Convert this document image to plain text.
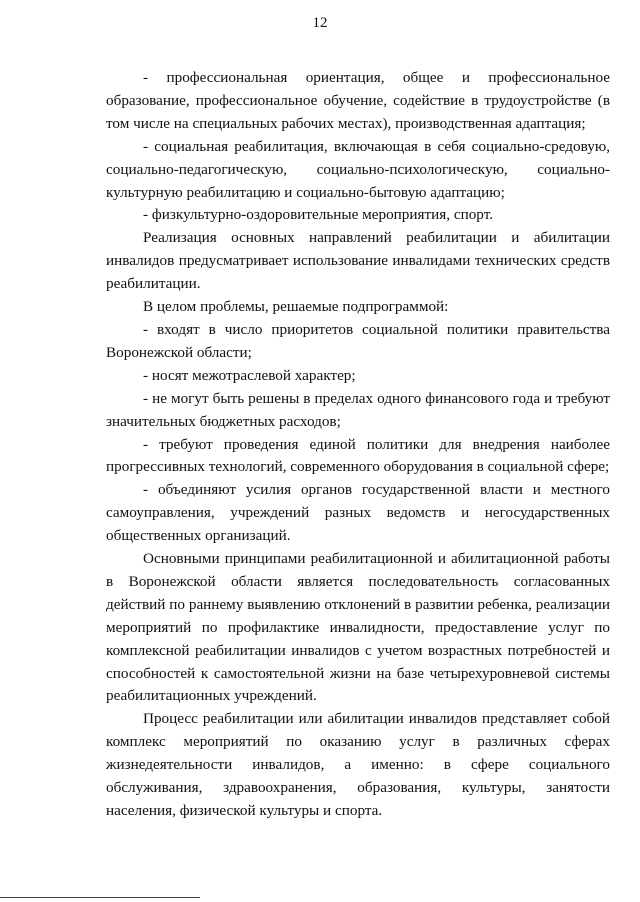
12

- профессиональная ориентация, общее и профессиональное образование, профессиональное обучение, содействие в трудоустройстве (в том числе на специальных рабочих местах), производственная адаптация;

- социальная реабилитация, включающая в себя социально-средовую, социально-педагогическую, социально-психологическую, социально-культурную реабилитацию и социально-бытовую адаптацию;

- физкультурно-оздоровительные мероприятия, спорт.

Реализация основных направлений реабилитации и абилитации инвалидов предусматривает использование инвалидами технических средств реабилитации.

В целом проблемы, решаемые подпрограммой:

- входят в число приоритетов социальной политики правительства Воронежской области;

- носят межотраслевой характер;

- не могут быть решены в пределах одного финансового года и требуют значительных бюджетных расходов;

- требуют проведения единой политики для внедрения наиболее прогрессивных технологий, современного оборудования в социальной сфере;

- объединяют усилия органов государственной власти и местного самоуправления, учреждений разных ведомств и негосударственных общественных организаций.

Основными принципами реабилитационной и абилитационной работы в Воронежской области является последовательность согласованных действий по раннему выявлению отклонений в развитии ребенка, реализации мероприятий по профилактике инвалидности, предоставление услуг по комплексной реабилитации инвалидов с учетом возрастных потребностей и способностей к самостоятельной жизни на базе четырехуровневой системы реабилитационных учреждений.

Процесс реабилитации или абилитации инвалидов представляет собой комплекс мероприятий по оказанию услуг в различных сферах жизнедеятельности инвалидов, а именно: в сфере социального обслуживания, здравоохранения, образования, культуры, занятости населения, физической культуры и спорта.
